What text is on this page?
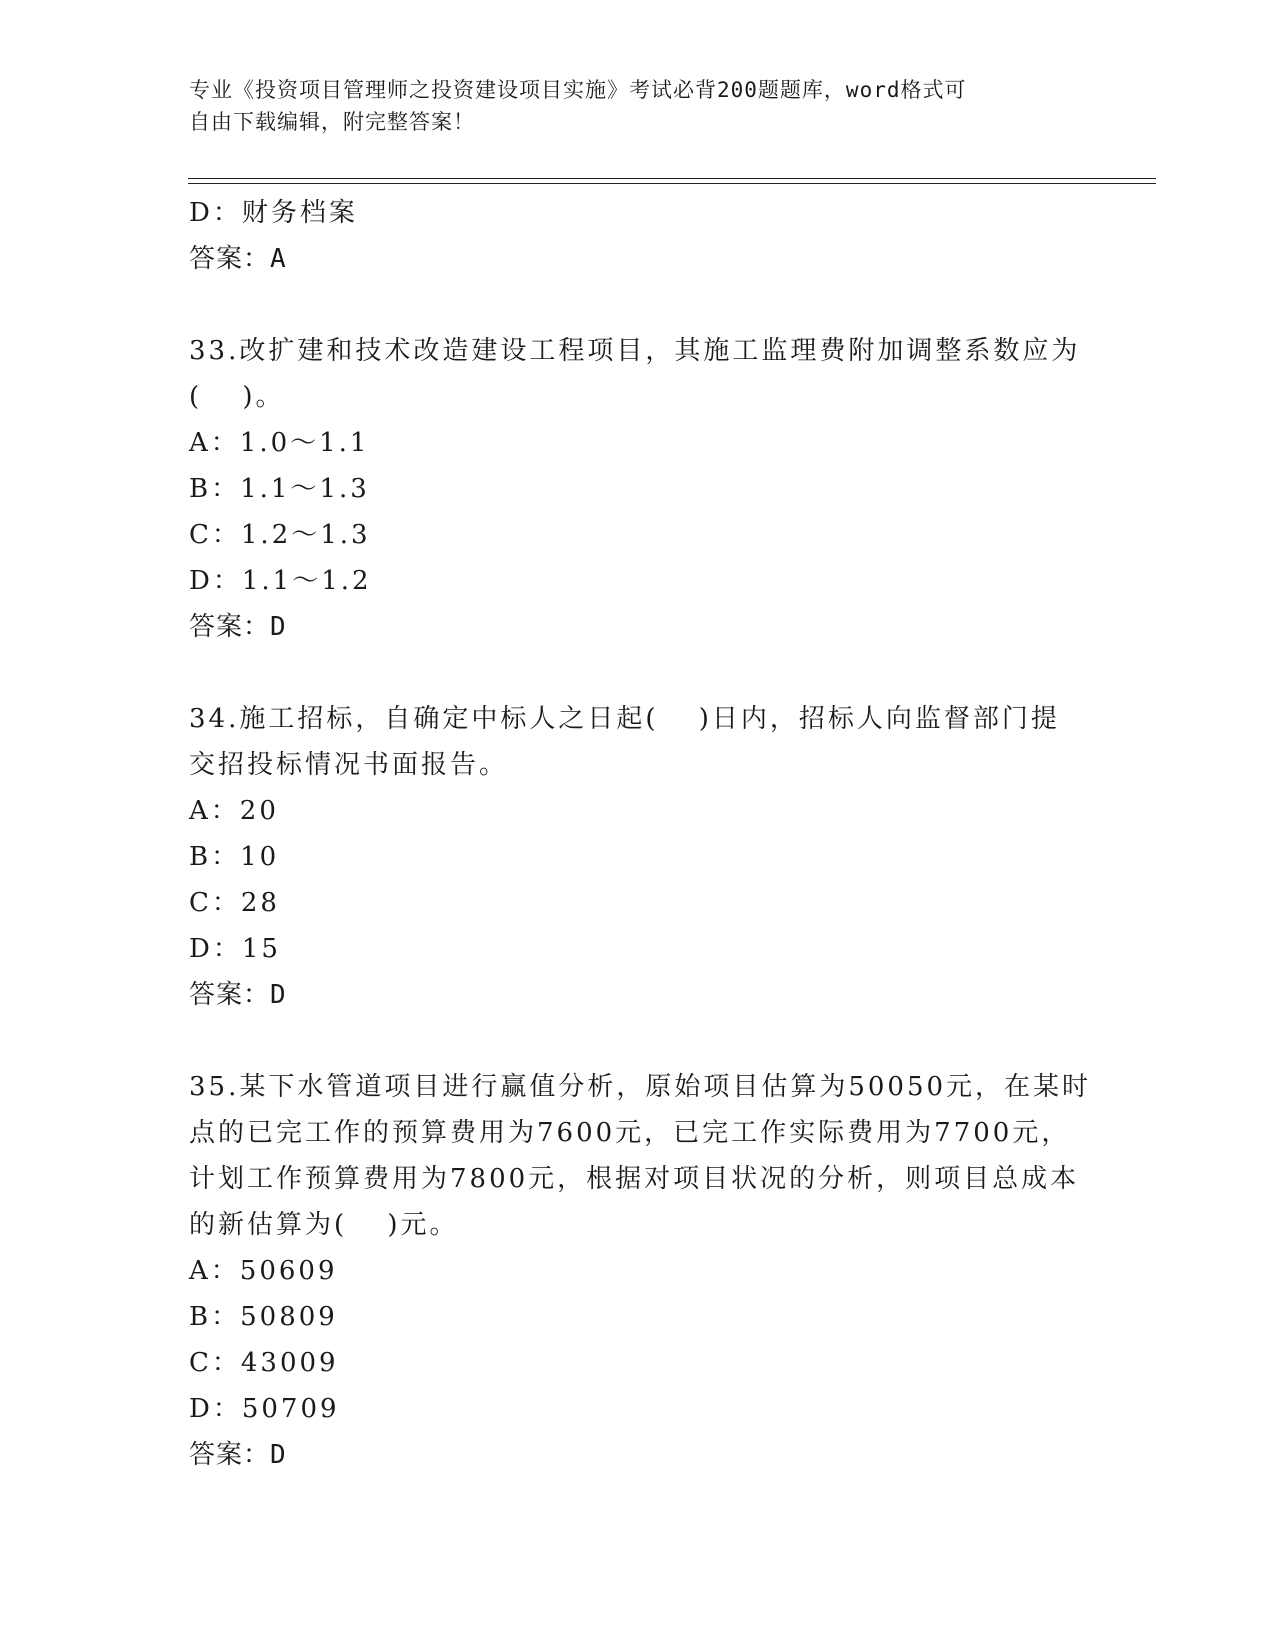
专业《投资项目管理师之投资建设项目实施》考试必背200题题库，word格式可
自由下载编辑，附完整答案！
D：财务档案
答案：A
33.改扩建和技术改造建设工程项目，其施工监理费附加调整系数应为
(　 )。
A：1.0～1.1
B：1.1～1.3
C：1.2～1.3
D：1.1～1.2
答案：D
34.施工招标，自确定中标人之日起(　 )日内，招标人向监督部门提
交招投标情况书面报告。
A：20
B：10
C：28
D：15
答案：D
35.某下水管道项目进行赢值分析，原始项目估算为50050元，在某时
点的已完工作的预算费用为7600元，已完工作实际费用为7700元，
计划工作预算费用为7800元，根据对项目状况的分析，则项目总成本
的新估算为(　 )元。
A：50609
B：50809
C：43009
D：50709
答案：D
